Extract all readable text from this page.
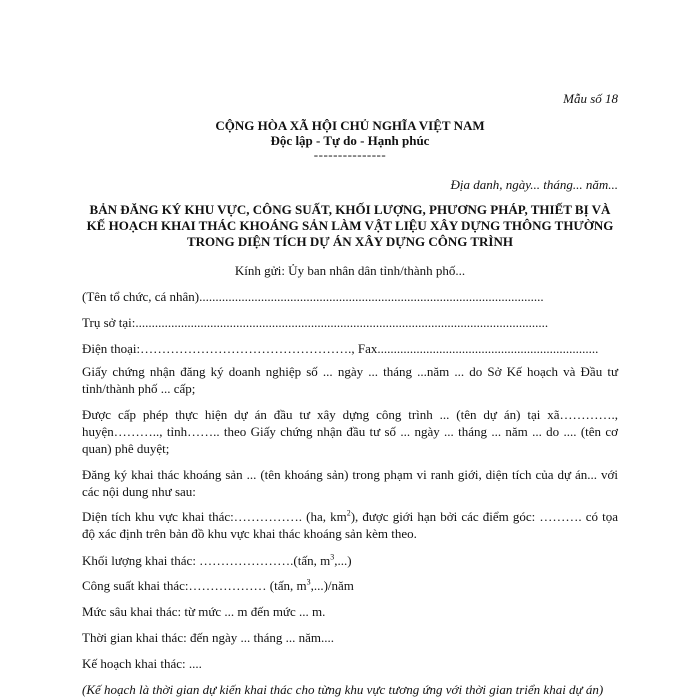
Mẫu số 18
CỘNG HÒA XÃ HỘI CHỦ NGHĨA VIỆT NAM
Độc lập - Tự do - Hạnh phúc
---------------
Địa danh, ngày... tháng... năm...
BẢN ĐĂNG KÝ KHU VỰC, CÔNG SUẤT, KHỐI LƯỢNG, PHƯƠNG PHÁP, THIẾT BỊ VÀ KẾ HOẠCH KHAI THÁC KHOÁNG SẢN LÀM VẬT LIỆU XÂY DỰNG THÔNG THƯỜNG TRONG DIỆN TÍCH DỰ ÁN XÂY DỰNG CÔNG TRÌNH
Kính gửi: Ủy ban nhân dân tỉnh/thành phố...
(Tên tổ chức, cá nhân)..........................................................................................................
Trụ sở tại:...............................................................................................................................
Điện thoại:…………………………………………., Fax....................................................................
Giấy chứng nhận đăng ký doanh nghiệp số ... ngày ... tháng ...năm ... do Sở Kế hoạch và Đầu tư tỉnh/thành phố ... cấp;
Được cấp phép thực hiện dự án đầu tư xây dựng công trình ... (tên dự án) tại xã…………., huyện……….., tỉnh…….. theo Giấy chứng nhận đầu tư số ... ngày ... tháng ... năm ... do .... (tên cơ quan) phê duyệt;
Đăng ký khai thác khoáng sản ... (tên khoáng sản) trong phạm vi ranh giới, diện tích của dự án... với các nội dung như sau:
Diện tích khu vực khai thác:……………. (ha, $km^2$), được giới hạn bởi các điểm góc: ………. có tọa độ xác định trên bản đồ khu vực khai thác khoáng sản kèm theo.
Khối lượng khai thác: ………………….(tấn, $m^3$,...)
Công suất khai thác:……………… (tấn, $m^3$,...)/năm
Mức sâu khai thác: từ mức ... m đến mức ... m.
Thời gian khai thác: đến ngày ... tháng ... năm....
Kế hoạch khai thác: ....
(Kế hoạch là thời gian dự kiến khai thác cho từng khu vực tương ứng với thời gian triển khai dự án)
